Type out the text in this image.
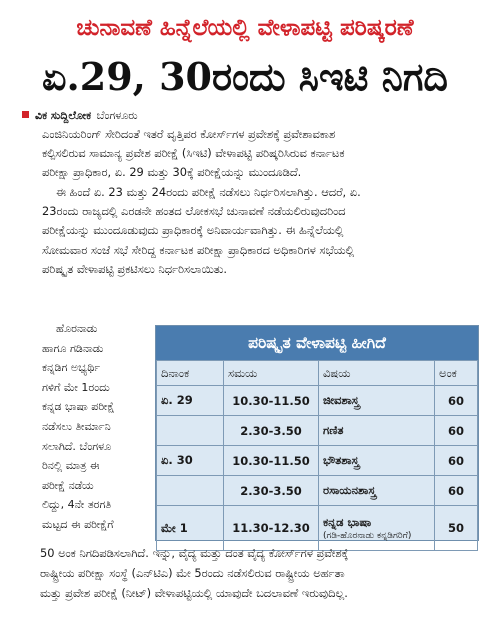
ಚುನಾವಣೆ ಹಿನ್ನೆಲೆಯಲ್ಲಿ ವೇಳಾಪಟ್ಟಿ ಪರಿಷ್ಕರಣೆ
ಏ.29, 30ರಂದು ಸಿಇಟಿ ನಿಗದಿ
ವಿಕ ಸುದ್ದಿಲೋಕ ಬೆಂಗಳೂರು
ಎಂಜಿನಿಯರಿಂಗ್ ಸೇರಿದಂತೆ ಇತರೆ ವೃತ್ತಿಪರ ಕೋರ್ಸ್‌ಗಳ ಪ್ರವೇಶಕ್ಕೆ ಪ್ರವೇಶಾವಕಾಶ
ಕಲ್ಪಿಸಲಿರುವ ಸಾಮಾನ್ಯ ಪ್ರವೇಶ ಪರೀಕ್ಷೆ (ಸಿಇಟಿ) ವೇಳಾಪಟ್ಟಿ ಪರಿಷ್ಕರಿಸಿರುವ ಕರ್ನಾಟಕ
ಪರೀಕ್ಷಾ ಪ್ರಾಧಿಕಾರ, ಏ. 29 ಮತ್ತು 30ಕ್ಕೆ ಪರೀಕ್ಷೆಯನ್ನು ಮುಂದೂಡಿದೆ.
ಈ ಹಿಂದೆ ಏ. 23 ಮತ್ತು 24ರಂದು ಪರೀಕ್ಷೆ ನಡೆಸಲು ನಿರ್ಧರಿಸಲಾಗಿತ್ತು. ಆದರೆ, ಏ.
23ರಂದು ರಾಜ್ಯದಲ್ಲಿ ಎರಡನೇ ಹಂತದ ಲೋಕಸಭೆ ಚುನಾವಣೆ ನಡೆಯಲಿರುವುದರಿಂದ
ಪರೀಕ್ಷೆಯನ್ನು ಮುಂದೂಡುವುದು ಪ್ರಾಧಿಕಾರಕ್ಕೆ ಅನಿವಾರ್ಯವಾಗಿತ್ತು. ಈ ಹಿನ್ನೆಲೆಯಲ್ಲಿ
ಸೋಮವಾರ ಸಂಜೆ ಸಭೆ ಸೇರಿದ್ದ ಕರ್ನಾಟಕ ಪರೀಕ್ಷಾ ಪ್ರಾಧಿಕಾರದ ಅಧಿಕಾರಿಗಳ ಸಭೆಯಲ್ಲಿ
ಪರಿಷ್ಕೃತ ವೇಳಾಪಟ್ಟಿ ಪ್ರಕಟಿಸಲು ನಿರ್ಧರಿಸಲಾಯಿತು.
ಹೊರನಾಡು
ಹಾಗೂ ಗಡಿನಾಡು
ಕನ್ನಡಿಗ ಅಭ್ಯರ್ಥಿ
ಗಳಿಗೆ ಮೇ 1ರಂದು
ಕನ್ನಡ ಭಾಷಾ ಪರೀಕ್ಷೆ
ನಡೆಸಲು ತೀರ್ಮಾನಿ
ಸಲಾಗಿದೆ. ಬೆಂಗಳೂ
ರಿನಲ್ಲಿ ಮಾತ್ರ ಈ
ಪರೀಕ್ಷೆ ನಡೆಯ
ಲಿದ್ದು, 4ನೇ ತರಗತಿ
ಮಟ್ಟದ ಈ ಪರೀಕ್ಷೆಗೆ
ಪರಿಷ್ಕೃತ ವೇಳಾಪಟ್ಟಿ ಹೀಗಿದೆ
ದಿನಾಂಕ	ಸಮಯ	ವಿಷಯ	ಅಂಕ
ಏ. 29	10.30-11.50	ಜೀವಶಾಸ್ತ್ರ	60
	2.30-3.50	ಗಣಿತ	60
ಏ. 30	10.30-11.50	ಭೌತಶಾಸ್ತ್ರ	60
	2.30-3.50	ರಸಾಯನಶಾಸ್ತ್ರ	60
ಮೇ 1	11.30-12.30	ಕನ್ನಡ ಭಾಷಾ
(ಗಡಿ-ಹೊರನಾಡು ಕನ್ನಡಿಗರಿಗೆ)	50
50 ಅಂಕ ನಿಗದಿಪಡಿಸಲಾಗಿದೆ. ಇನ್ನು, ವೈದ್ಯ ಮತ್ತು ದಂತ ವೈದ್ಯ ಕೋರ್ಸ್‌ಗಳ ಪ್ರವೇಶಕ್ಕೆ
ರಾಷ್ಟ್ರೀಯ ಪರೀಕ್ಷಾ ಸಂಸ್ಥೆ (ಎನ್‌ಟಿಎ) ಮೇ 5ರಂದು ನಡೆಸಲಿರುವ ರಾಷ್ಟ್ರೀಯ ಅರ್ಹತಾ
ಮತ್ತು ಪ್ರವೇಶ ಪರೀಕ್ಷೆ (ನೀಟ್) ವೇಳಾಪಟ್ಟಿಯಲ್ಲಿ ಯಾವುದೇ ಬದಲಾವಣೆ ಇರುವುದಿಲ್ಲ.
